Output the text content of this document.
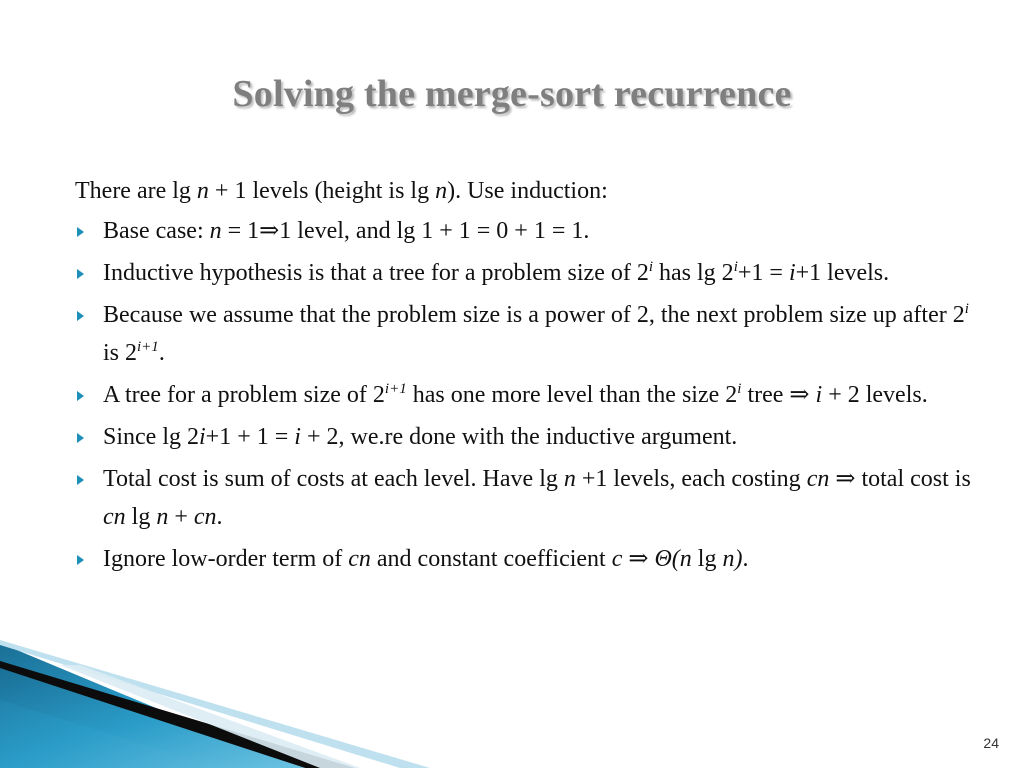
Solving the merge-sort recurrence
There are lg n + 1 levels (height is lg n). Use induction:
Base case: n = 1⇒1 level, and lg 1 + 1 = 0 + 1 = 1.
Inductive hypothesis is that a tree for a problem size of 2$^i$ has $\lg 2^i+1 = i+1$ levels.
Because we assume that the problem size is a power of 2, the next problem size up after 2$^i$ is $2^{i+1}$.
A tree for a problem size of $2^{i+1}$ has one more level than the size 2$^i$ tree ⇒ i + 2 levels.
Since lg 2i+1 + 1 = i + 2, we.re done with the inductive argument.
Total cost is sum of costs at each level. Have lg n +1 levels, each costing cn ⇒ total cost is cn lg n + cn.
Ignore low-order term of cn and constant coefficient c ⇒ Θ(n lg n).
24
